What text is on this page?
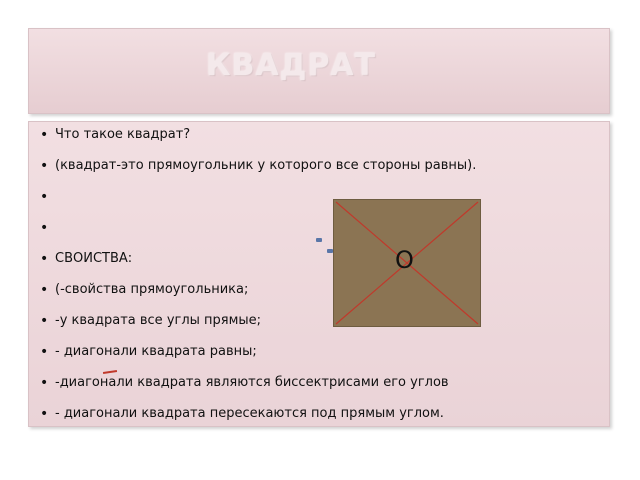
КВАДРАТ
• Что такое квадрат?
• (квадрат-это прямоугольник у которого все стороны равны).
•
•
• СВОИСТВА:
• (-свойства прямоугольника;
• -у квадрата все углы прямые;
• - диагонали квадрата равны;
• -диагонали квадрата являются биссектрисами его углов
• - диагонали квадрата пересекаются под прямым углом.
O
